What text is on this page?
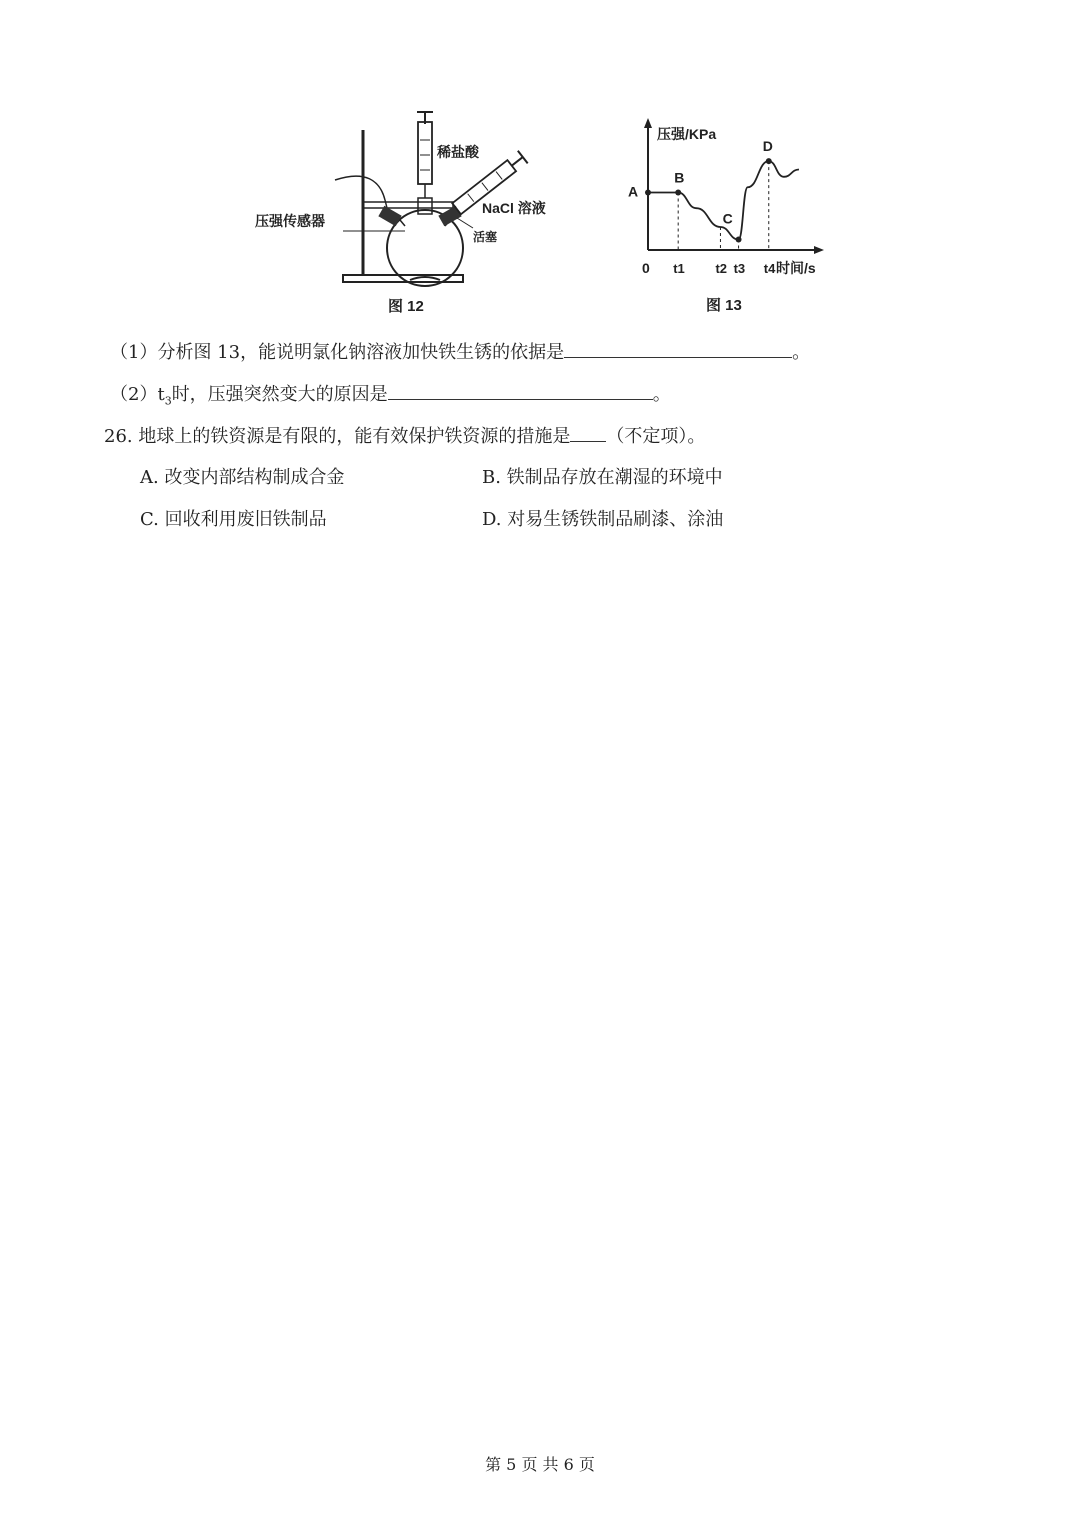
稀盐酸
NaCl 溶液
压强传感器
活塞
图 12
压强/KPa
时间/s
0 t1 t2 t3 t4
A
B
C
D
图 13
（1）分析图 13，能说明氯化钠溶液加快铁生锈的依据是	。
$(2)t_3$时，压强突然变大的原因是	。
26. 地球上的铁资源是有限的，能有效保护铁资源的措施是 （不定项）。
A. 改变内部结构制成合金	B. 铁制品存放在潮湿的环境中
C. 回收利用废旧铁制品	D. 对易生锈铁制品刷漆、涂油
第 5 页 共 6 页
